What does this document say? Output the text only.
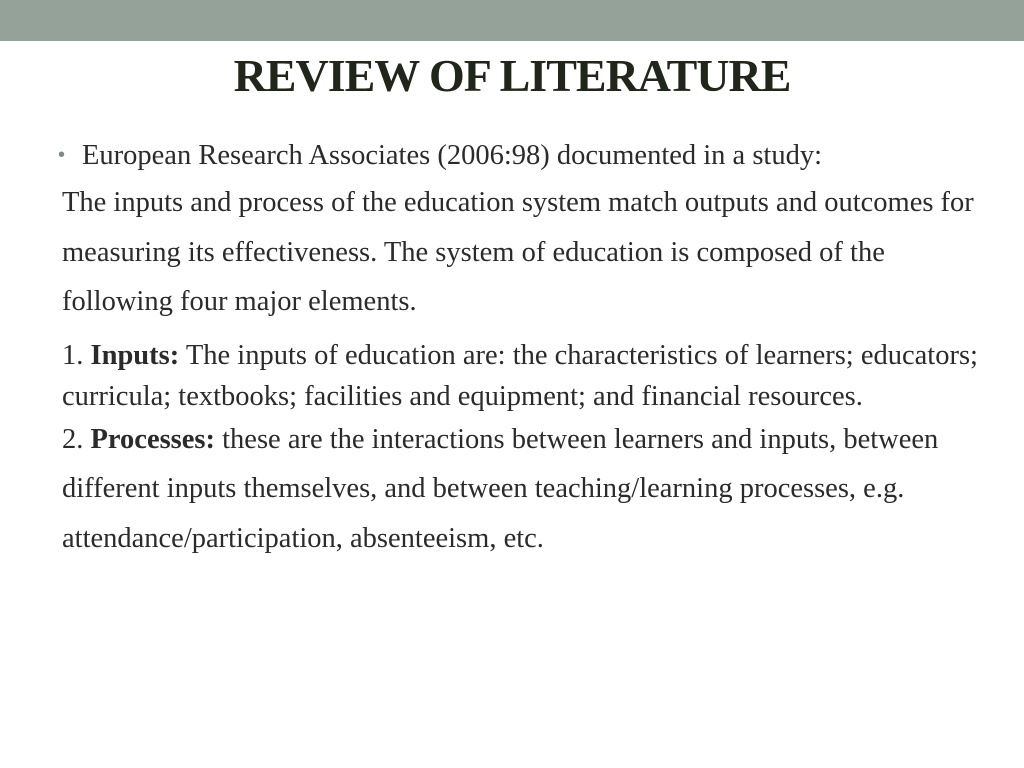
REVIEW OF LITERATURE
• European Research Associates (2006:98) documented in a study:
The inputs and process of the education system match outputs and outcomes for measuring its effectiveness. The system of education is composed of the following four major elements.
1. Inputs: The inputs of education are: the characteristics of learners; educators; curricula; textbooks; facilities and equipment; and financial resources.
2. Processes: these are the interactions between learners and inputs, between different inputs themselves, and between teaching/learning processes, e.g. attendance/participation, absenteeism, etc.
